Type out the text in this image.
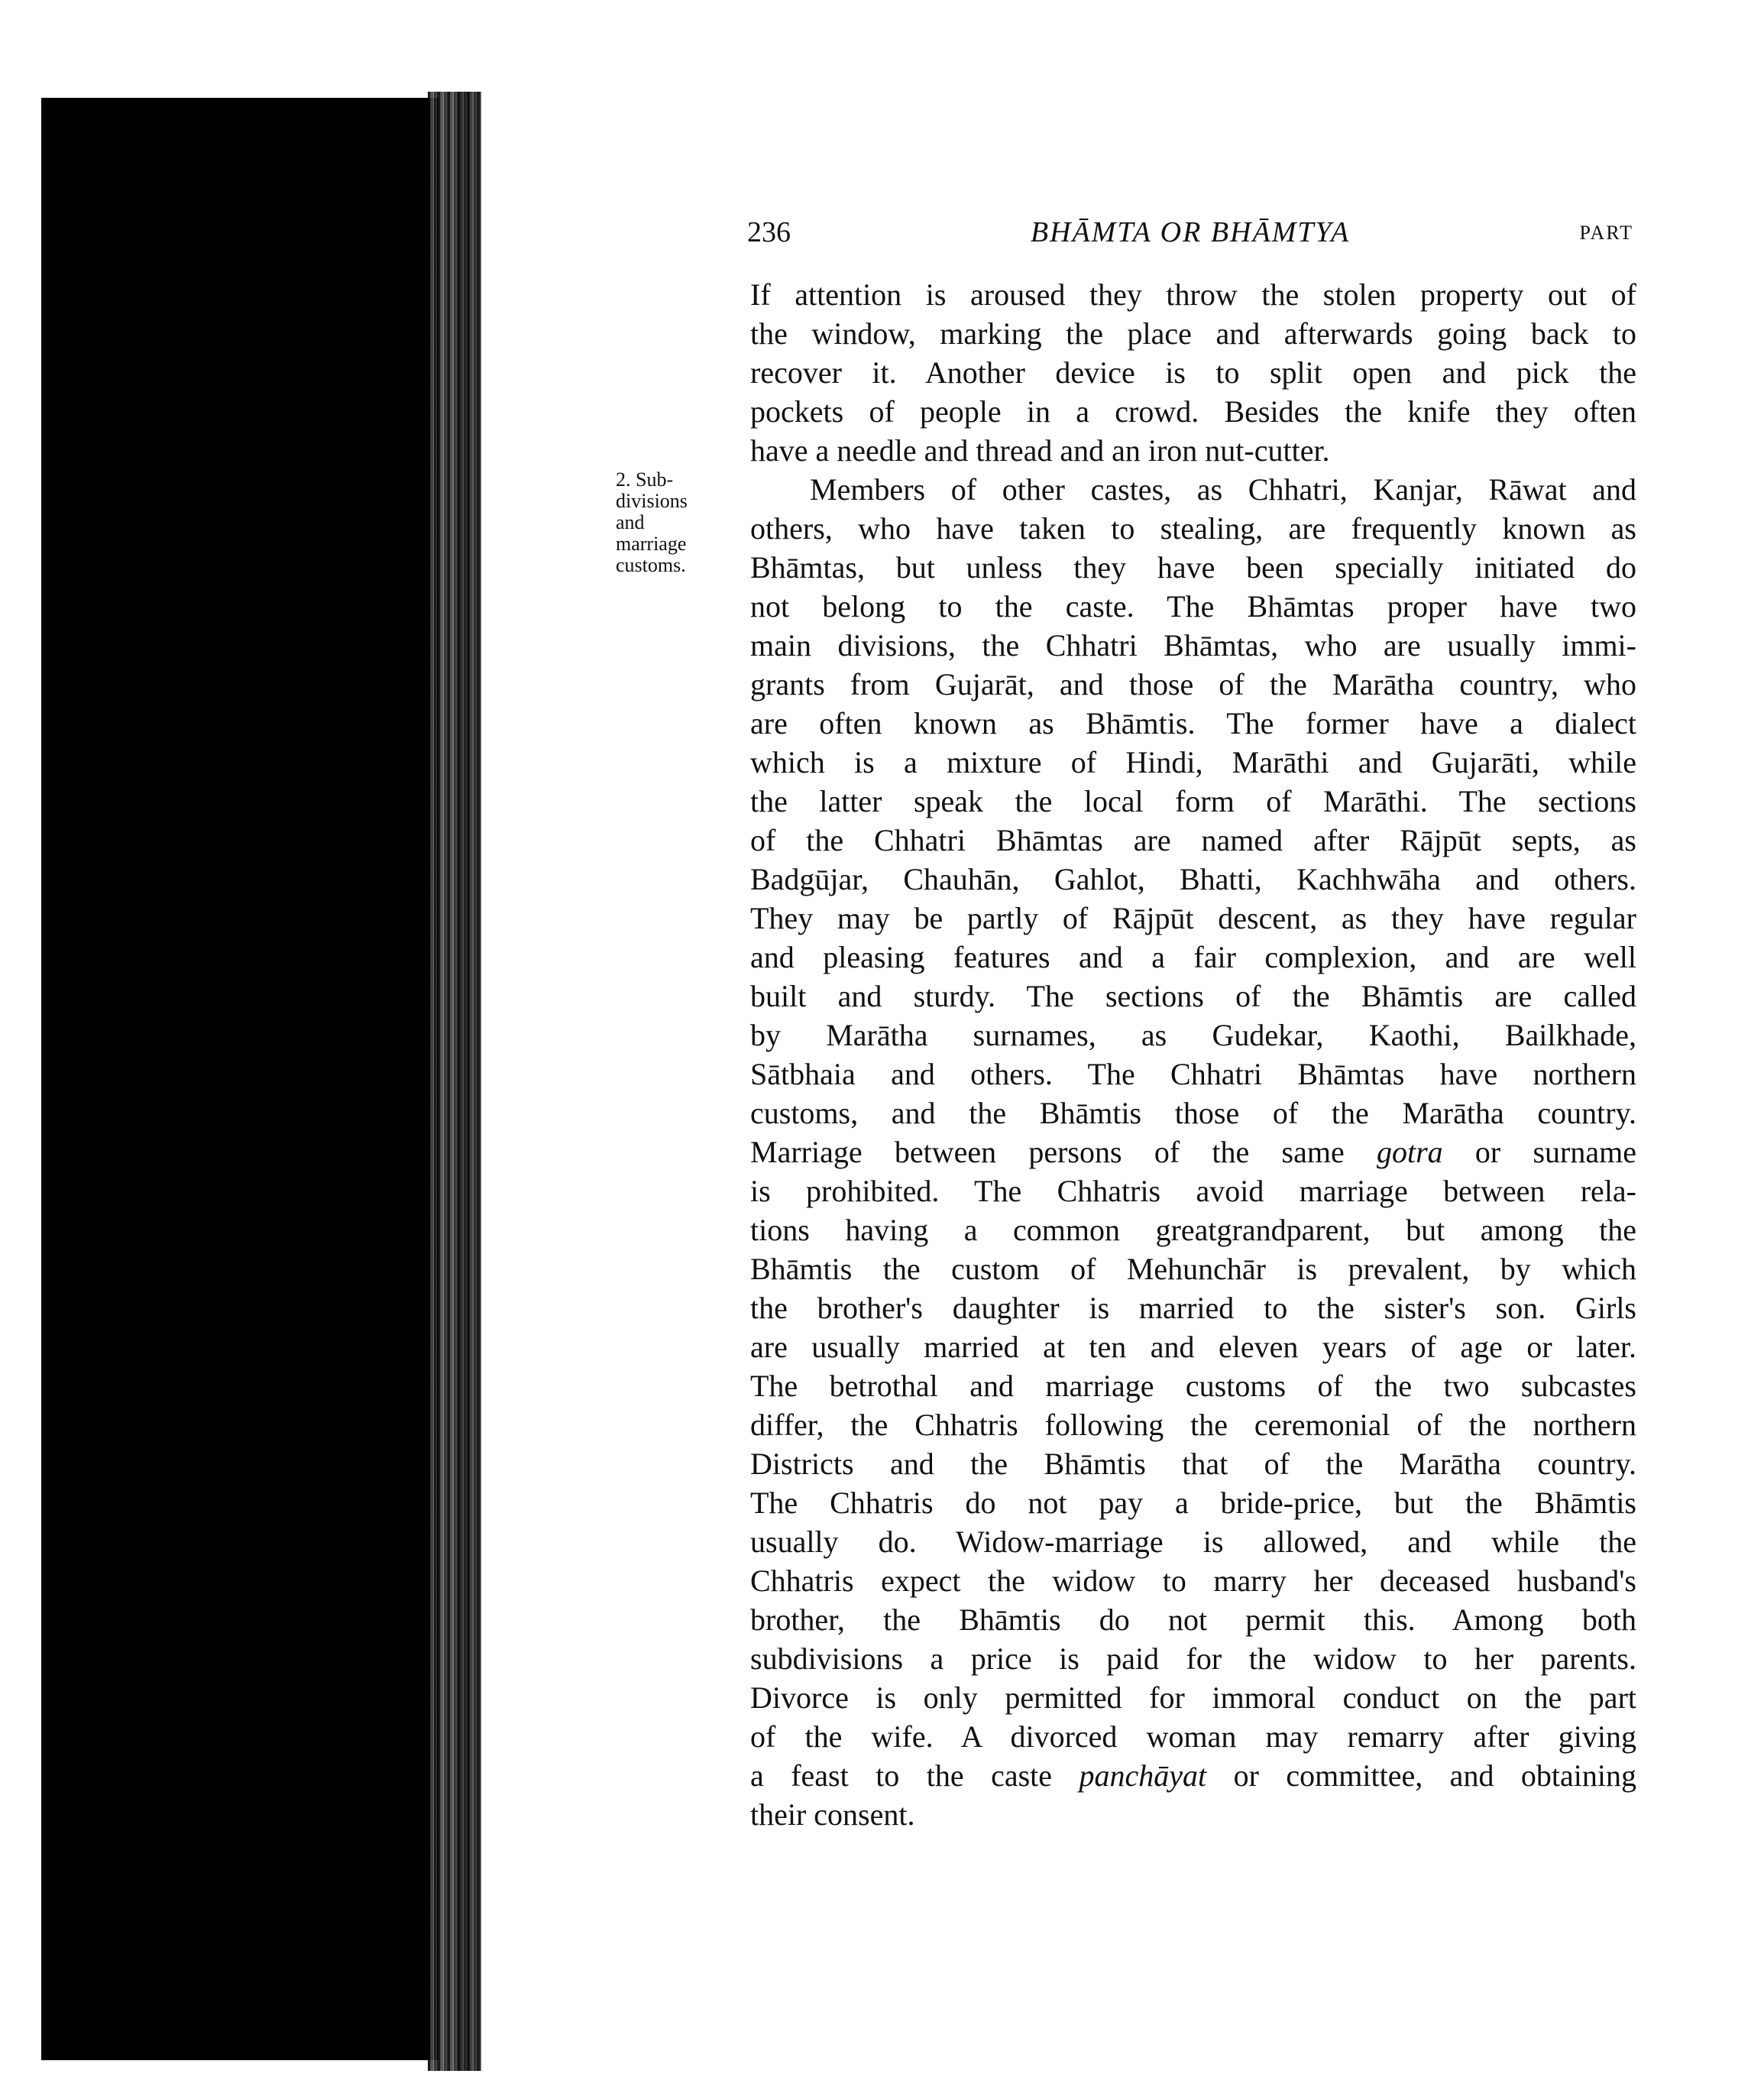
236	BHĀMTA OR BHĀMTYA	PART
2. Sub-
divisions
and
marriage
customs.
If attention is aroused they throw the stolen property out of
the window, marking the place and afterwards going back to
recover it. Another device is to split open and pick the
pockets of people in a crowd. Besides the knife they often
have a needle and thread and an iron nut-cutter.
Members of other castes, as Chhatri, Kanjar, Rāwat and
others, who have taken to stealing, are frequently known as
Bhāmtas, but unless they have been specially initiated do
not belong to the caste. The Bhāmtas proper have two
main divisions, the Chhatri Bhāmtas, who are usually immi-
grants from Gujarāt, and those of the Marātha country, who
are often known as Bhāmtis. The former have a dialect
which is a mixture of Hindi, Marāthi and Gujarāti, while
the latter speak the local form of Marāthi. The sections
of the Chhatri Bhāmtas are named after Rājpūt septs, as
Badgūjar, Chauhān, Gahlot, Bhatti, Kachhwāha and others.
They may be partly of Rājpūt descent, as they have regular
and pleasing features and a fair complexion, and are well
built and sturdy. The sections of the Bhāmtis are called
by Marātha surnames, as Gudekar, Kaothi, Bailkhade,
Sātbhaia and others. The Chhatri Bhāmtas have northern
customs, and the Bhāmtis those of the Marātha country.
Marriage between persons of the same gotra or surname
is prohibited. The Chhatris avoid marriage between rela-
tions having a common greatgrandparent, but among the
Bhāmtis the custom of Mehunchār is prevalent, by which
the brother's daughter is married to the sister's son. Girls
are usually married at ten and eleven years of age or later.
The betrothal and marriage customs of the two subcastes
differ, the Chhatris following the ceremonial of the northern
Districts and the Bhāmtis that of the Marātha country.
The Chhatris do not pay a bride-price, but the Bhāmtis
usually do. Widow-marriage is allowed, and while the
Chhatris expect the widow to marry her deceased husband's
brother, the Bhāmtis do not permit this. Among both
subdivisions a price is paid for the widow to her parents.
Divorce is only permitted for immoral conduct on the part
of the wife. A divorced woman may remarry after giving
a feast to the caste panchāyat or committee, and obtaining
their consent.
